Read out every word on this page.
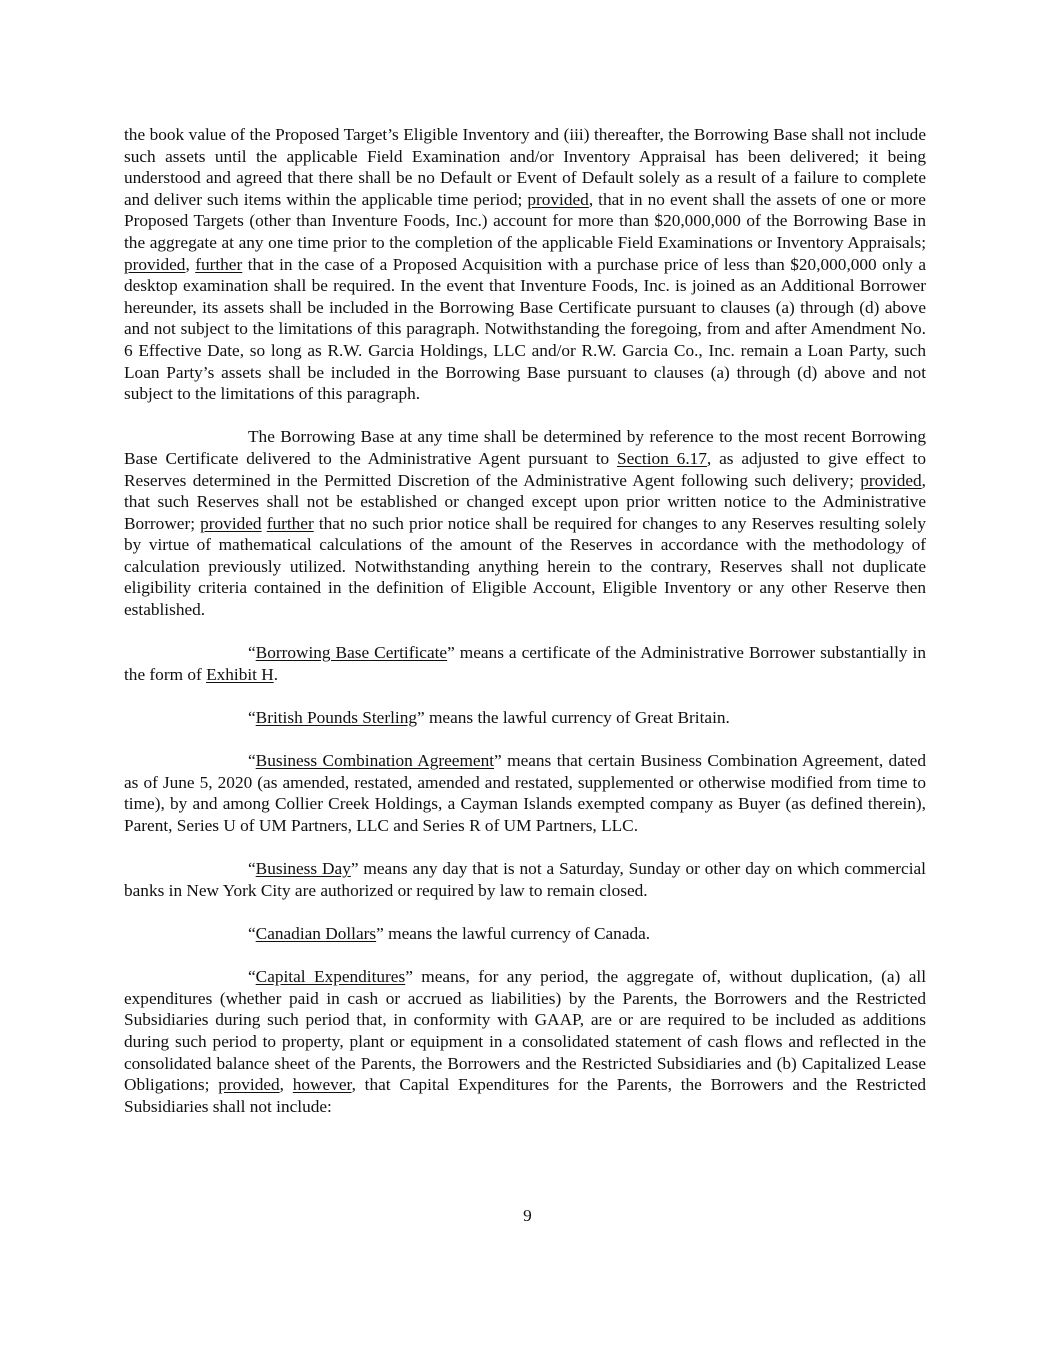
the book value of the Proposed Target’s Eligible Inventory and (iii) thereafter, the Borrowing Base shall not include such assets until the applicable Field Examination and/or Inventory Appraisal has been delivered; it being understood and agreed that there shall be no Default or Event of Default solely as a result of a failure to complete and deliver such items within the applicable time period; provided, that in no event shall the assets of one or more Proposed Targets (other than Inventure Foods, Inc.) account for more than $20,000,000 of the Borrowing Base in the aggregate at any one time prior to the completion of the applicable Field Examinations or Inventory Appraisals; provided, further that in the case of a Proposed Acquisition with a purchase price of less than $20,000,000 only a desktop examination shall be required. In the event that Inventure Foods, Inc. is joined as an Additional Borrower hereunder, its assets shall be included in the Borrowing Base Certificate pursuant to clauses (a) through (d) above and not subject to the limitations of this paragraph. Notwithstanding the foregoing, from and after Amendment No. 6 Effective Date, so long as R.W. Garcia Holdings, LLC and/or R.W. Garcia Co., Inc. remain a Loan Party, such Loan Party’s assets shall be included in the Borrowing Base pursuant to clauses (a) through (d) above and not subject to the limitations of this paragraph.

The Borrowing Base at any time shall be determined by reference to the most recent Borrowing Base Certificate delivered to the Administrative Agent pursuant to Section 6.17, as adjusted to give effect to Reserves determined in the Permitted Discretion of the Administrative Agent following such delivery; provided, that such Reserves shall not be established or changed except upon prior written notice to the Administrative Borrower; provided further that no such prior notice shall be required for changes to any Reserves resulting solely by virtue of mathematical calculations of the amount of the Reserves in accordance with the methodology of calculation previously utilized. Notwithstanding anything herein to the contrary, Reserves shall not duplicate eligibility criteria contained in the definition of Eligible Account, Eligible Inventory or any other Reserve then established.

“Borrowing Base Certificate” means a certificate of the Administrative Borrower substantially in the form of Exhibit H.

“British Pounds Sterling” means the lawful currency of Great Britain.

“Business Combination Agreement” means that certain Business Combination Agreement, dated as of June 5, 2020 (as amended, restated, amended and restated, supplemented or otherwise modified from time to time), by and among Collier Creek Holdings, a Cayman Islands exempted company as Buyer (as defined therein), Parent, Series U of UM Partners, LLC and Series R of UM Partners, LLC.

“Business Day” means any day that is not a Saturday, Sunday or other day on which commercial banks in New York City are authorized or required by law to remain closed.

“Canadian Dollars” means the lawful currency of Canada.

“Capital Expenditures” means, for any period, the aggregate of, without duplication, (a) all expenditures (whether paid in cash or accrued as liabilities) by the Parents, the Borrowers and the Restricted Subsidiaries during such period that, in conformity with GAAP, are or are required to be included as additions during such period to property, plant or equipment in a consolidated statement of cash flows and reflected in the consolidated balance sheet of the Parents, the Borrowers and the Restricted Subsidiaries and (b) Capitalized Lease Obligations; provided, however, that Capital Expenditures for the Parents, the Borrowers and the Restricted Subsidiaries shall not include:

9
